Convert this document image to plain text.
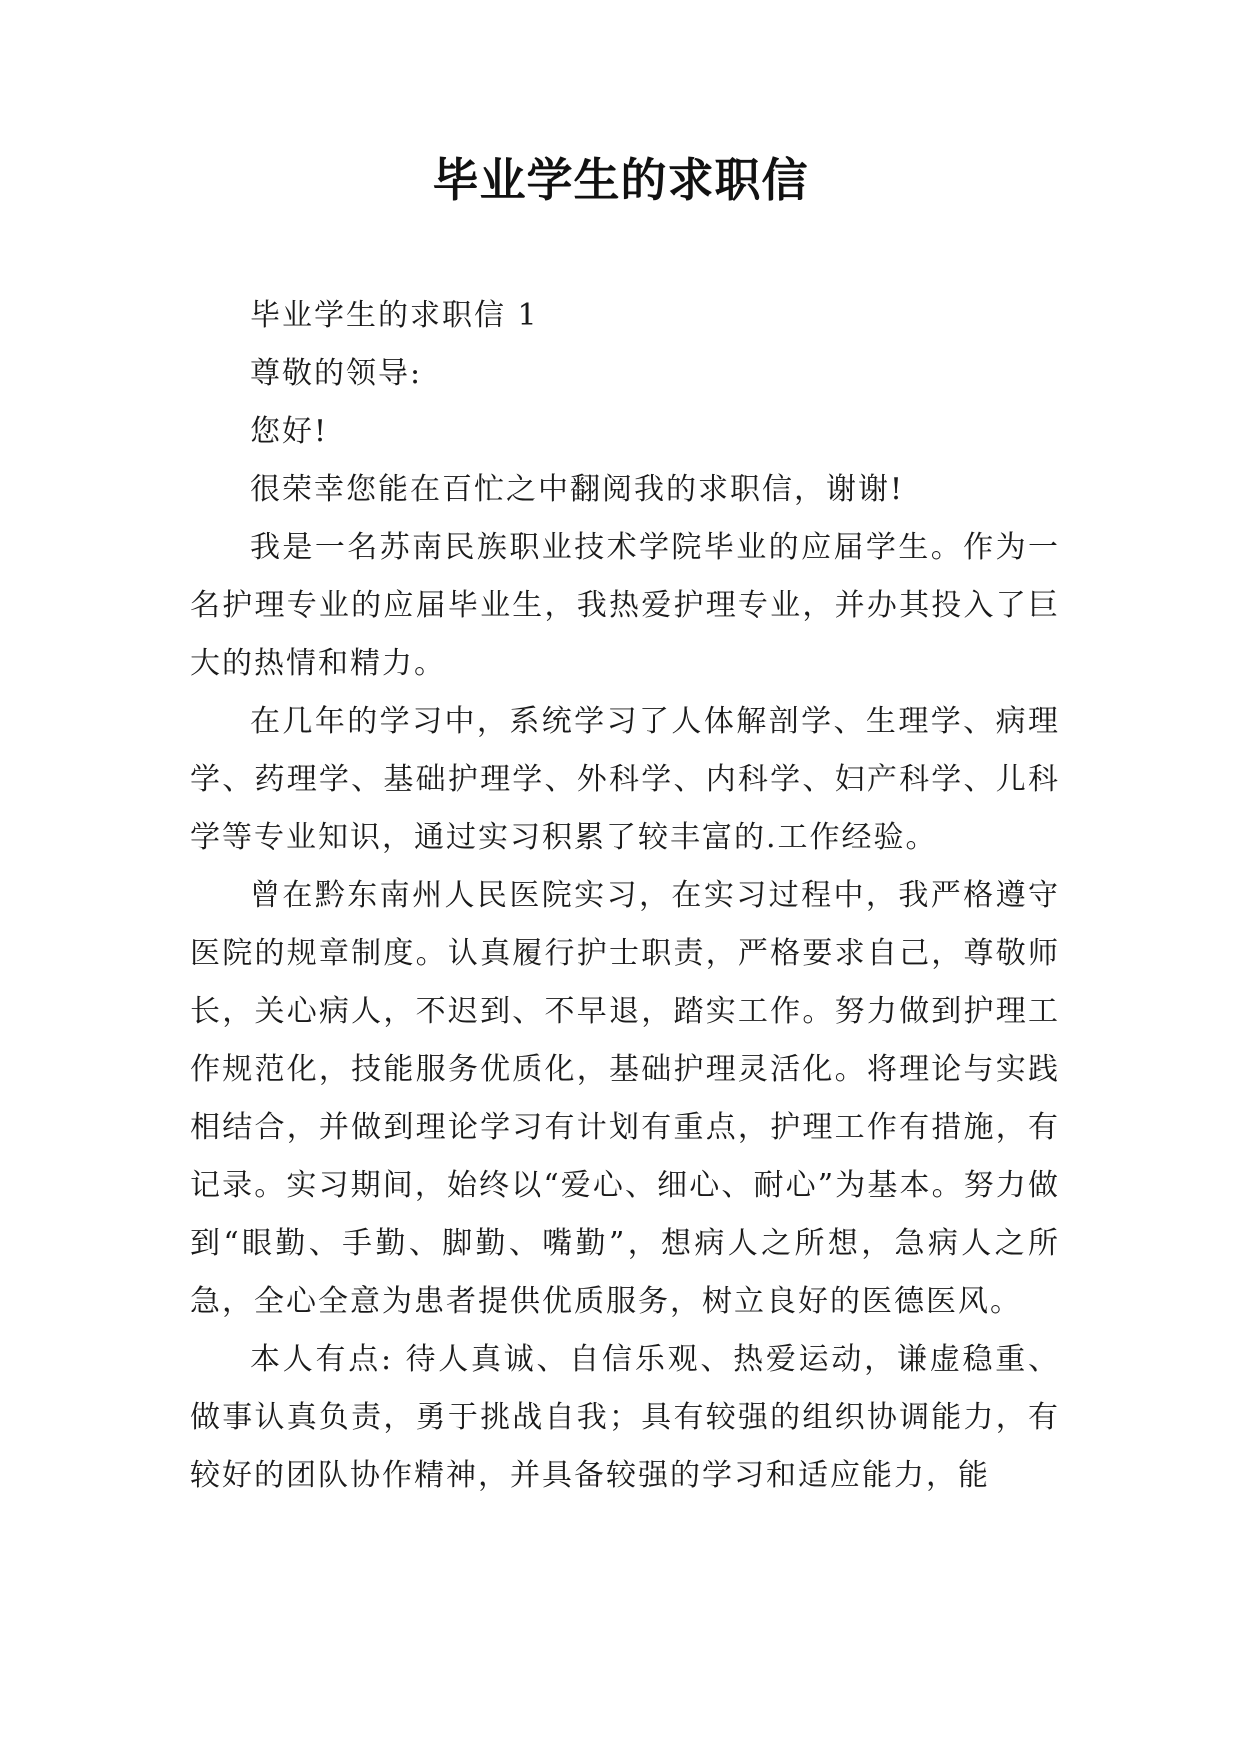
毕业学生的求职信

毕业学生的求职信 1

尊敬的领导:

您好!

很荣幸您能在百忙之中翻阅我的求职信，谢谢!

我是一名苏南民族职业技术学院毕业的应届学生。作为一名护理专业的应届毕业生，我热爱护理专业，并办其投入了巨大的热情和精力。

在几年的学习中，系统学习了人体解剖学、生理学、病理学、药理学、基础护理学、外科学、内科学、妇产科学、儿科学等专业知识，通过实习积累了较丰富的.工作经验。

曾在黔东南州人民医院实习，在实习过程中，我严格遵守医院的规章制度。认真履行护士职责，严格要求自己，尊敬师长，关心病人，不迟到、不早退，踏实工作。努力做到护理工作规范化，技能服务优质化，基础护理灵活化。将理论与实践 相结合，并做到理论学习有计划有重点，护理工作有措施，有记录。实习期间，始终以“爱心、细心、耐心”为基本。努力做到“眼勤、手勤、脚勤、嘴勤”，想病人之所想，急病人之所急，全心全意为患者提供优质服务，树立良好的医德医风。

本人有点: 待人真诚、自信乐观、热爱运动，谦虚稳重、做事认真负责，勇于挑战自我；具有较强的组织协调能力，有较好的团队协作精神，并具备较强的学习和适应能力，能
